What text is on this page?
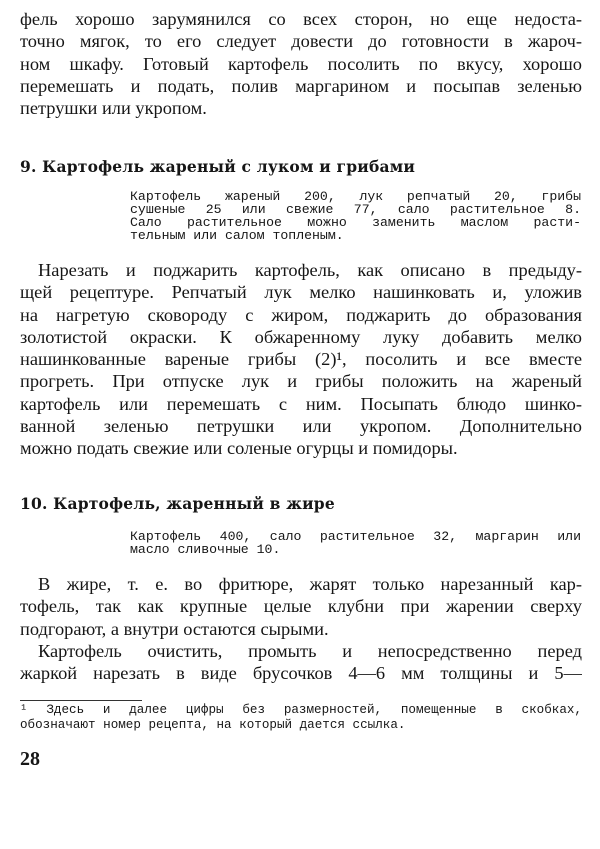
фель хорошо зарумянился со всех сторон, но еще недоста-
точно мягок, то его следует довести до готовности в жароч-
ном шкафу. Готовый картофель посолить по вкусу, хорошо
перемешать и подать, полив маргарином и посыпав зеленью
петрушки или укропом.

9. Картофель жареный с луком и грибами

Картофель жареный 200, лук репчатый 20, грибы
сушеные 25 или свежие 77, сало растительное 8.
Сало растительное можно заменить маслом расти-
тельным или салом топленым.

Нарезать и поджарить картофель, как описано в предыду-
щей рецептуре. Репчатый лук мелко нашинковать и, уложив
на нагретую сковороду с жиром, поджарить до образования
золотистой окраски. К обжаренному луку добавить мелко
нашинкованные вареные грибы (2)¹, посолить и все вместе
прогреть. При отпуске лук и грибы положить на жареный
картофель или перемешать с ним. Посыпать блюдо шинко-
ванной зеленью петрушки или укропом. Дополнительно
можно подать свежие или соленые огурцы и помидоры.

10. Картофель, жаренный в жире

Картофель 400, сало растительное 32, маргарин или
масло сливочные 10.

В жире, т. е. во фритюре, жарят только нарезанный кар-
тофель, так как крупные целые клубни при жарении сверху
подгорают, а внутри остаются сырыми.

Картофель очистить, промыть и непосредственно перед
жаркой нарезать в виде брусочков 4—6 мм толщины и 5—

¹ Здесь и далее цифры без размерностей, помещенные в скобках,
обозначают номер рецепта, на который дается ссылка.

28
